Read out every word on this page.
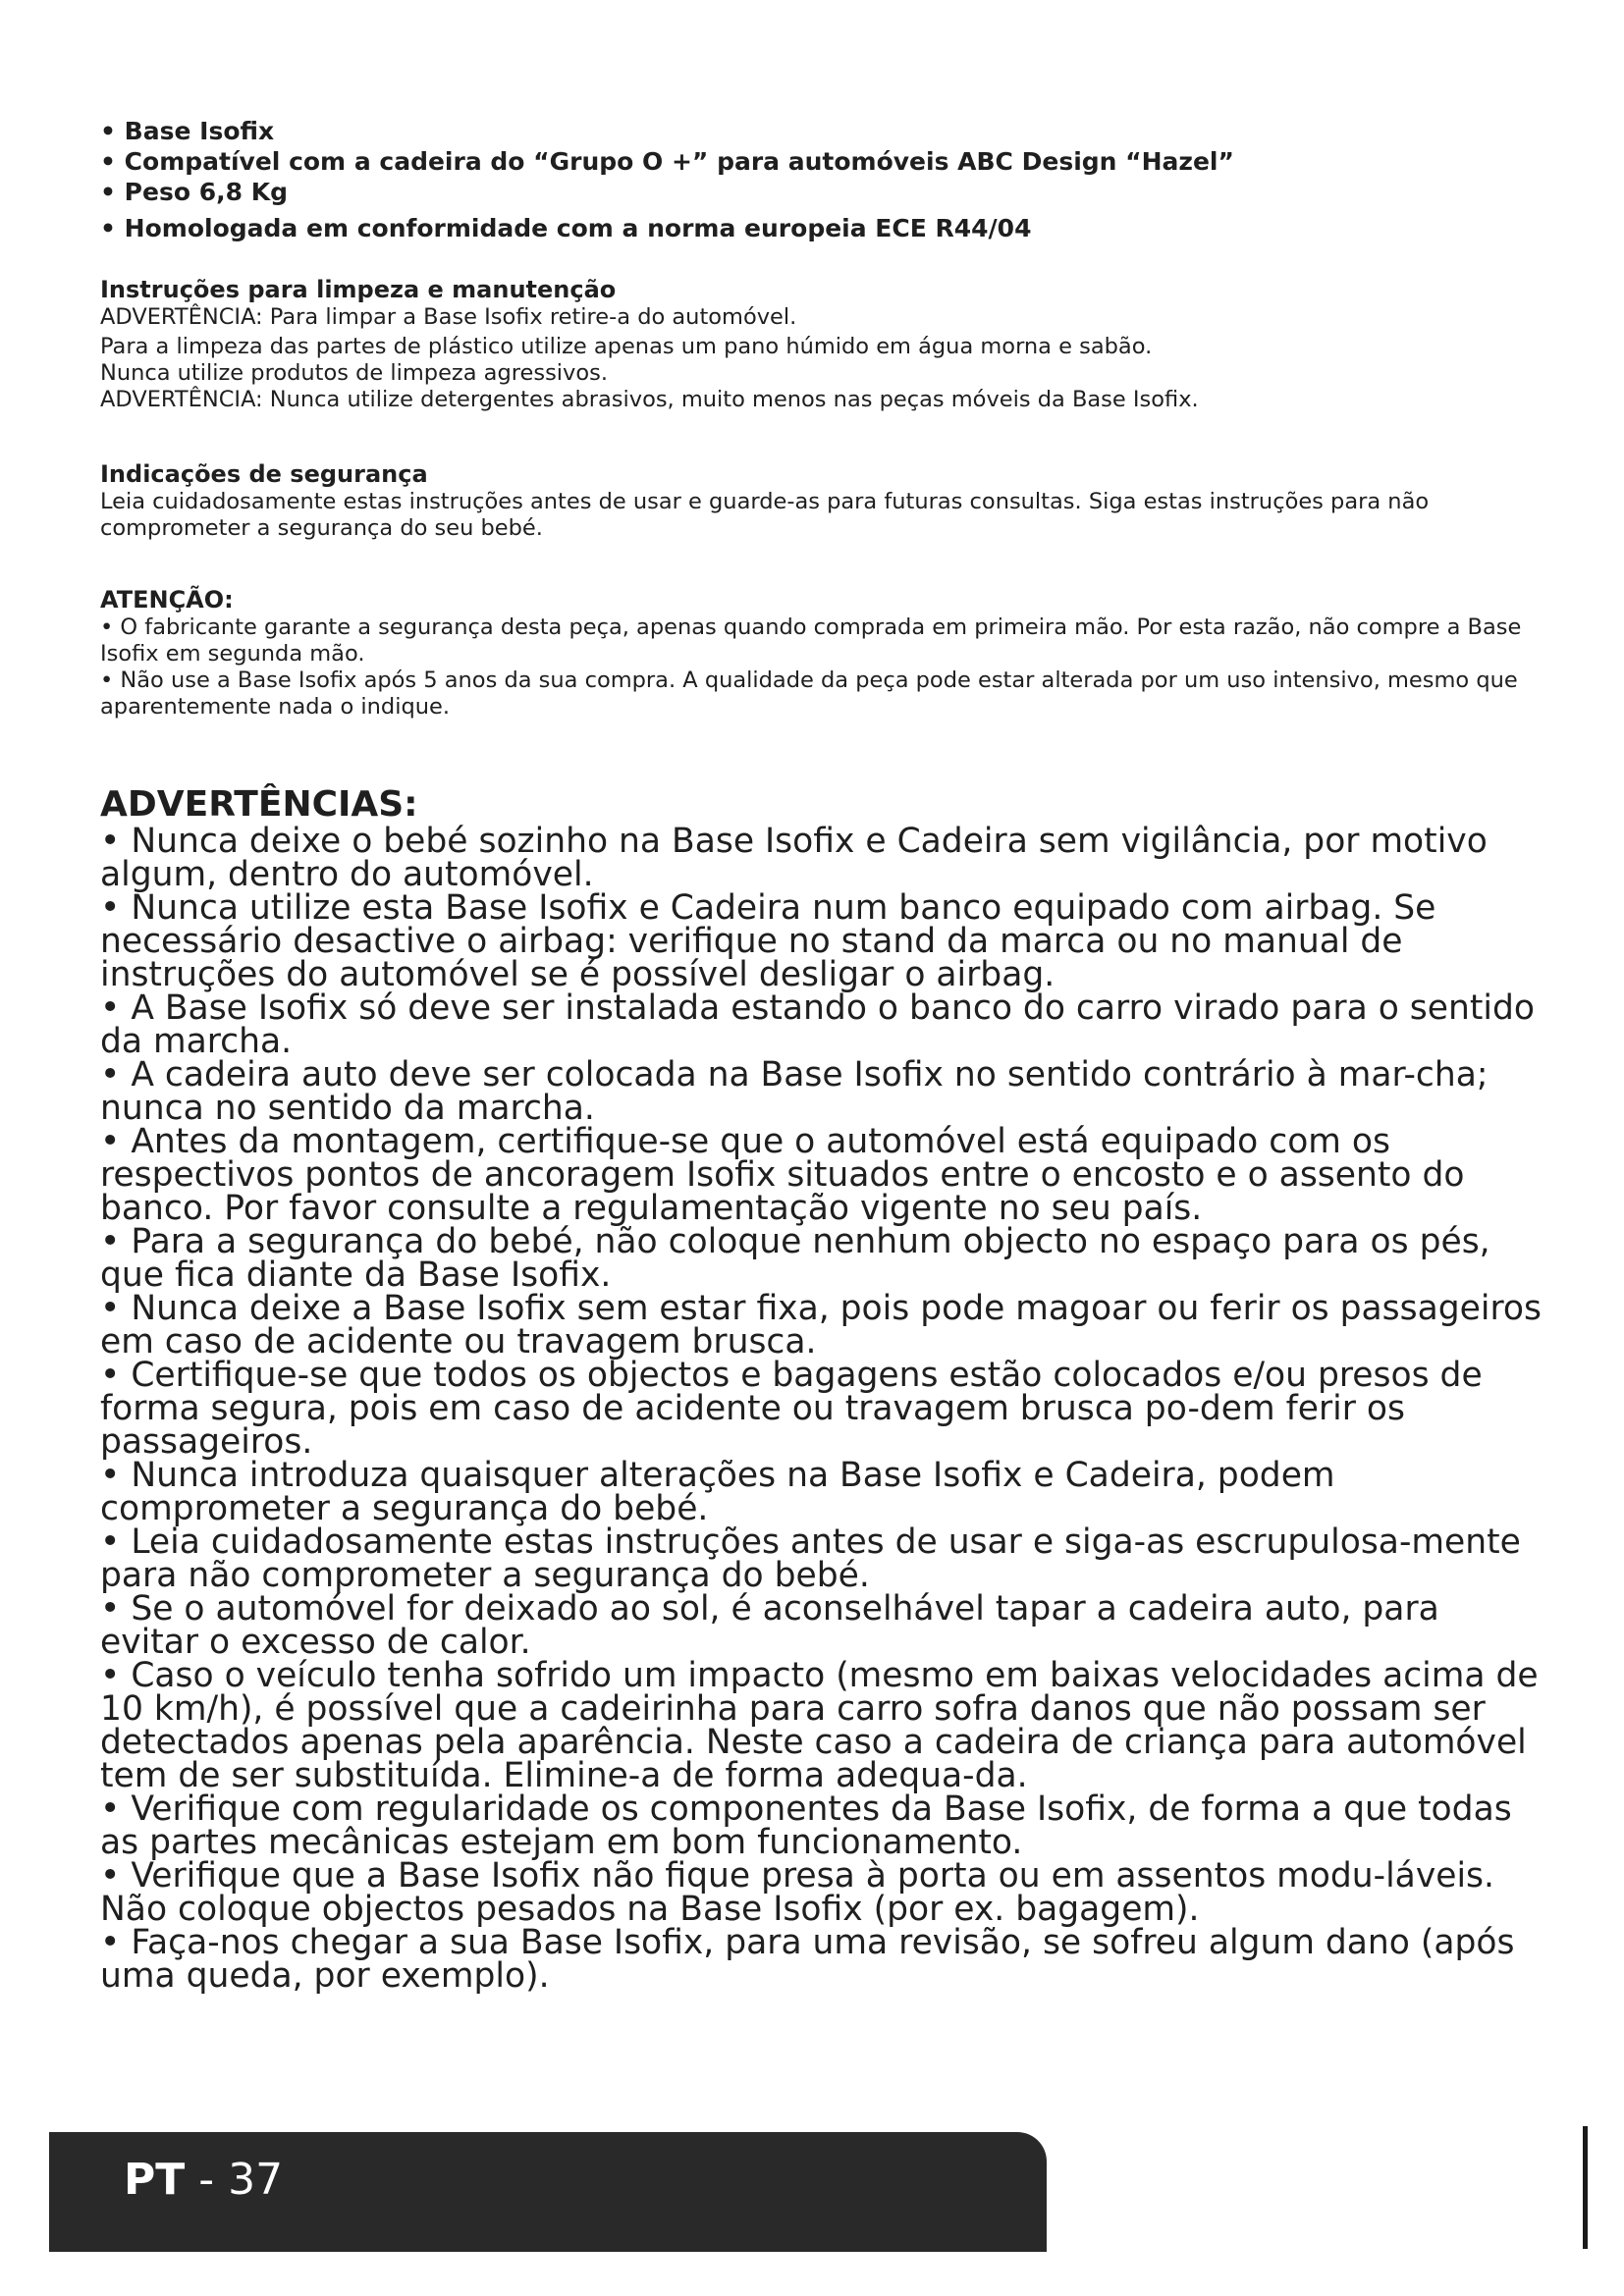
• Base Isofix
• Compatível com a cadeira do “Grupo O +” para automóveis ABC Design “Hazel”
• Peso 6,8 Kg
• Homologada em conformidade com a norma europeia ECE R44/04
Instruções para limpeza e manutenção

ADVERTÊNCIA: Para limpar a Base Isofix retire-a do automóvel.

Para a limpeza das partes de plástico utilize apenas um pano húmido em água morna e sabão.

Nunca utilize produtos de limpeza agressivos.

ADVERTÊNCIA: Nunca utilize detergentes abrasivos, muito menos nas peças móveis da Base Isofix.

Indicações de segurança

Leia cuidadosamente estas instruções antes de usar e guarde-as para futuras consultas. Siga estas instruções para não comprometer a segurança do seu bebé.

ATENÇÃO:

• O fabricante garante a segurança desta peça, apenas quando comprada em primeira mão. Por esta razão, não compre a Base Isofix em segunda mão.

• Não use a Base Isofix após 5 anos da sua compra. A qualidade da peça pode estar alterada por um uso intensivo, mesmo que aparentemente nada o indique.

ADVERTÊNCIAS:
• Nunca deixe o bebé sozinho na Base Isofix e Cadeira sem vigilância, por motivo algum, dentro do automóvel.
• Nunca utilize esta Base Isofix e Cadeira num banco equipado com airbag. Se necessário desactive o airbag: verifique no stand da marca ou no manual de instruções do automóvel se é possível desligar o airbag.
• A Base Isofix só deve ser instalada estando o banco do carro virado para o sentido da marcha.
• A cadeira auto deve ser colocada na Base Isofix no sentido contrário à mar-cha; nunca no sentido da marcha.
• Antes da montagem, certifique-se que o automóvel está equipado com os respectivos pontos de ancoragem Isofix situados entre o encosto e o assento do banco. Por favor consulte a regulamentação vigente no seu país.
• Para a segurança do bebé, não coloque nenhum objecto no espaço para os pés, que fica diante da Base Isofix.
• Nunca deixe a Base Isofix sem estar fixa, pois pode magoar ou ferir os passageiros em caso de acidente ou travagem brusca.
• Certifique-se que todos os objectos e bagagens estão colocados e/ou presos de forma segura, pois em caso de acidente ou travagem brusca po-dem ferir os passageiros.
• Nunca introduza quaisquer alterações na Base Isofix e Cadeira, podem comprometer a segurança do bebé.
• Leia cuidadosamente estas instruções antes de usar e siga-as escrupulosa-mente para não comprometer a segurança do bebé.
• Se o automóvel for deixado ao sol, é aconselhável tapar a cadeira auto, para evitar o excesso de calor.
• Caso o veículo tenha sofrido um impacto (mesmo em baixas velocidades acima de 10 km/h), é possível que a cadeirinha para carro sofra danos que não possam ser detectados apenas pela aparência. Neste caso a cadeira de criança para automóvel tem de ser substituída. Elimine-a de forma adequa-da.
• Verifique com regularidade os componentes da Base Isofix, de forma a que todas as partes mecânicas estejam em bom funcionamento.
• Verifique que a Base Isofix não fique presa à porta ou em assentos modu-láveis. Não coloque objectos pesados na Base Isofix (por ex. bagagem).
• Faça-nos chegar a sua Base Isofix, para uma revisão, se sofreu algum dano (após uma queda, por exemplo).
PT - 37
